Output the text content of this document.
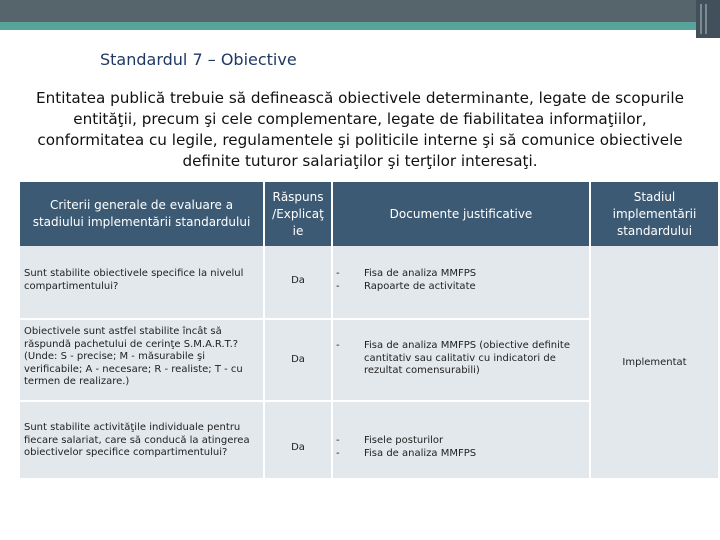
Standardul 7 – Obiective
Entitatea publică trebuie să definească obiectivele determinante, legate de scopurile entităţii, precum şi cele complementare, legate de fiabilitatea informaţiilor, conformitatea cu legile, regulamentele şi politicile interne şi să comunice obiectivele definite tuturor salariaţilor şi terţilor interesaţi.
Criterii generale de evaluare a stadiului implementării standardului
Răspuns /Explicaţ ie
Documente justificative
Stadiul implementării standardului
Sunt stabilite obiectivele specifice la nivelul compartimentului?	Da
-
-
Fisa de analiza MMFPS
Rapoarte de activitate
Obiectivele sunt astfel stabilite încât să răspundă pachetului de cerinţe S.M.A.R.T.? (Unde: S - precise; M - măsurabile şi verificabile; A - necesare; R - realiste; T - cu termen de realizare.)
Da
- Fisa de analiza MMFPS (obiective definite cantitativ sau calitativ cu indicatori de rezultat comensurabili)
Sunt stabilite activităţile individuale pentru fiecare salariat, care să conducă la atingerea obiectivelor specifice compartimentului?	Da
-
-
Fisele posturilor
Fisa de analiza MMFPS
Implementat
